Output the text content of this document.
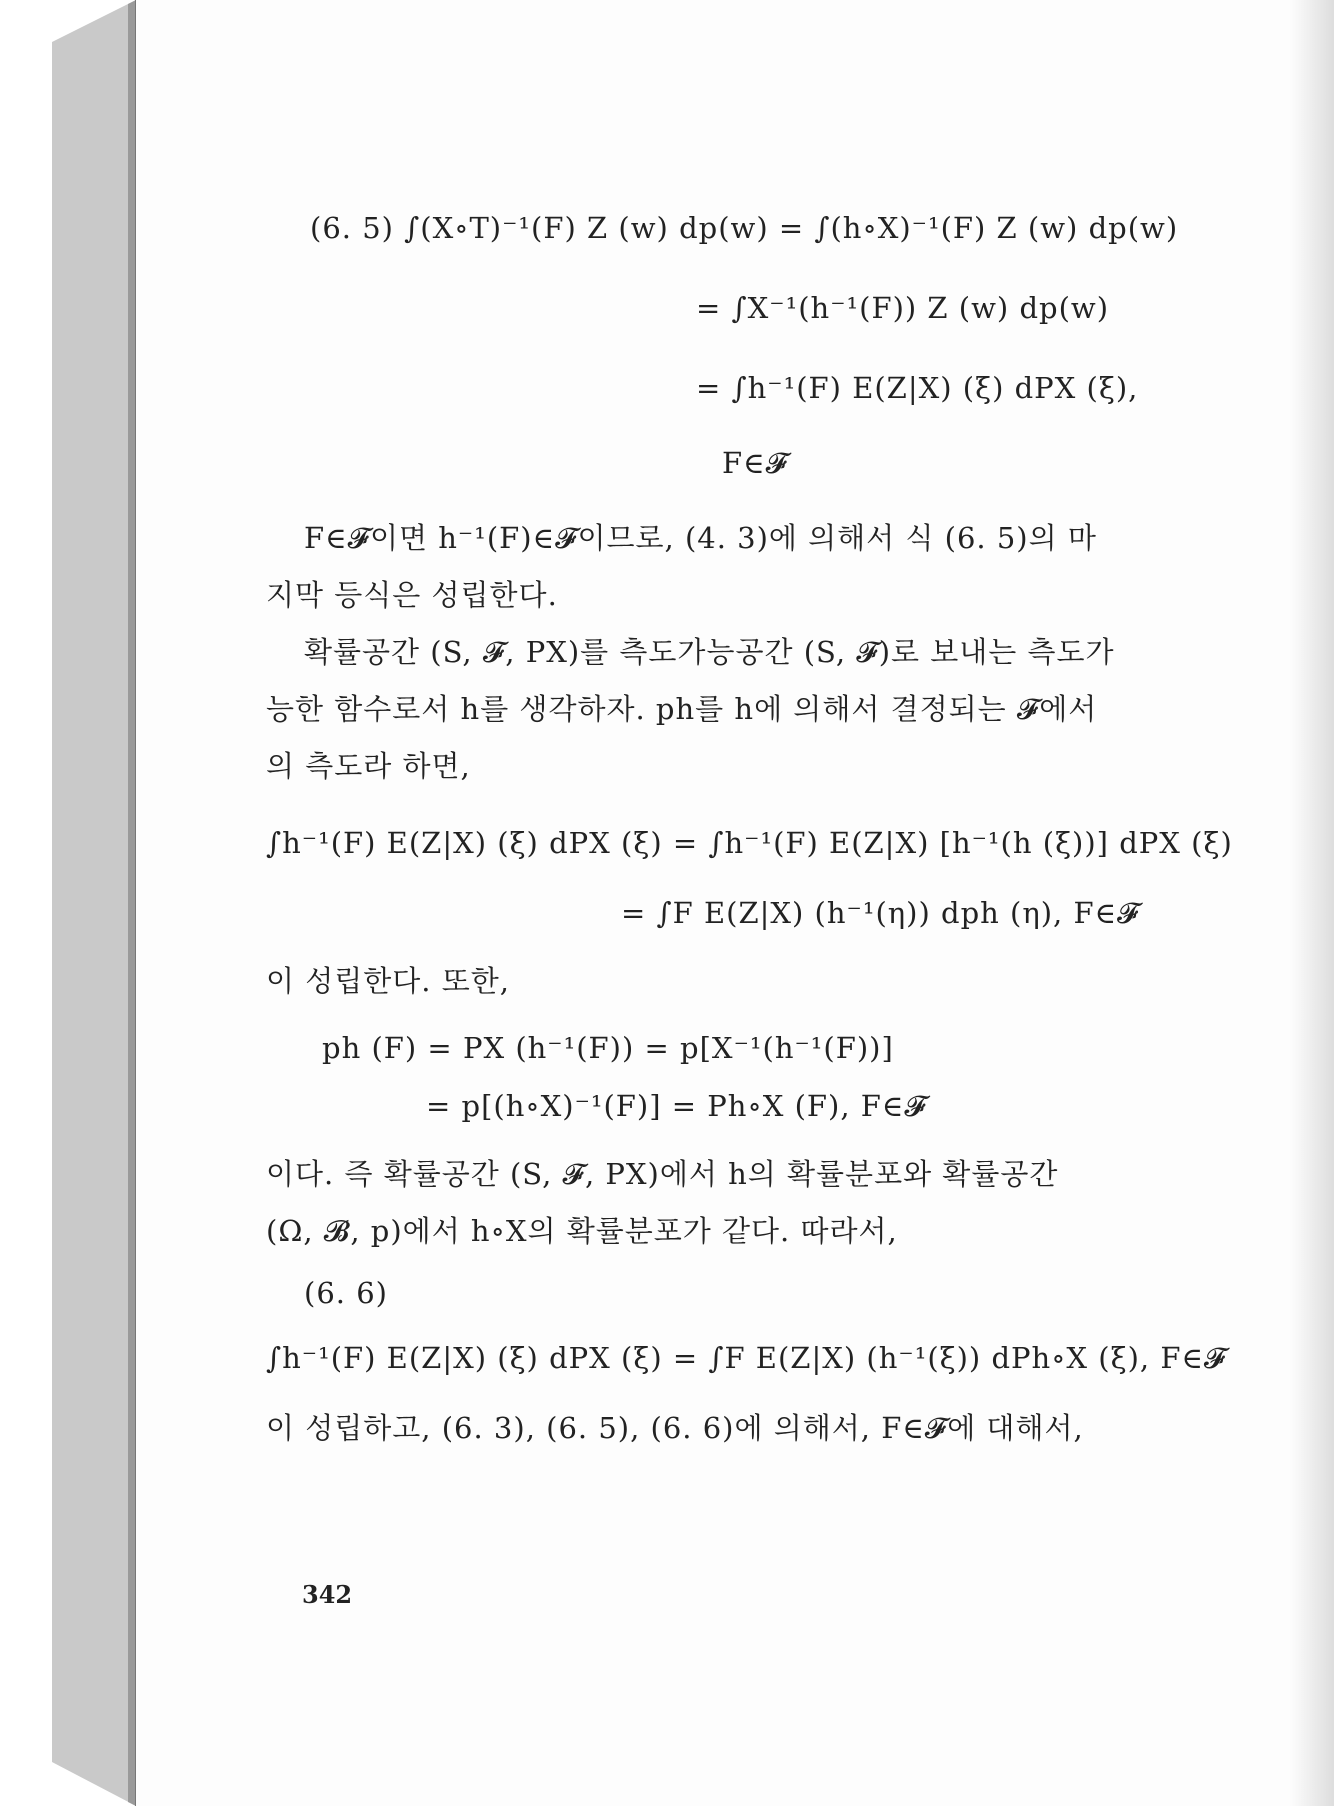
(6. 5) ∫(X∘T)⁻¹(F) Z (w) dp(w) = ∫(h∘X)⁻¹(F) Z (w) dp(w)
= ∫X⁻¹(h⁻¹(F)) Z (w) dp(w)
= ∫h⁻¹(F) E(Z|X) (ξ) dPX (ξ),
F∈𝓕
F∈𝓕이면 h⁻¹(F)∈𝓕이므로, (4. 3)에 의해서 식 (6. 5)의 마
지막 등식은 성립한다.
확률공간 (S, 𝓕, PX)를 측도가능공간 (S, 𝓕)로 보내는 측도가
능한 함수로서 h를 생각하자. ph를 h에 의해서 결정되는 𝓕에서
의 측도라 하면,
∫h⁻¹(F) E(Z|X) (ξ) dPX (ξ) = ∫h⁻¹(F) E(Z|X) [h⁻¹(h (ξ))] dPX (ξ)
= ∫F E(Z|X) (h⁻¹(η)) dph (η), F∈𝓕
이 성립한다. 또한,
ph (F) = PX (h⁻¹(F)) = p[X⁻¹(h⁻¹(F))]
= p[(h∘X)⁻¹(F)] = Ph∘X (F), F∈𝓕
이다. 즉 확률공간 (S, 𝓕, PX)에서 h의 확률분포와 확률공간
(Ω, 𝓑, p)에서 h∘X의 확률분포가 같다. 따라서,
(6. 6)
∫h⁻¹(F) E(Z|X) (ξ) dPX (ξ) = ∫F E(Z|X) (h⁻¹(ξ)) dPh∘X (ξ), F∈𝓕
이 성립하고, (6. 3), (6. 5), (6. 6)에 의해서, F∈𝓕에 대해서,
342
